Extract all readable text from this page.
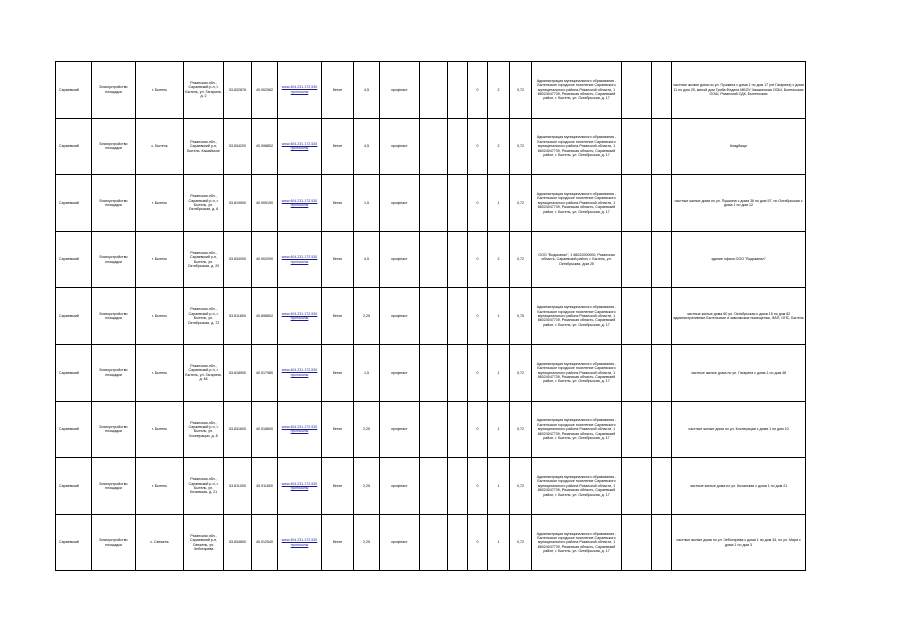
Сараевский	Благоустройство площадки	г. Бытель	Рязанская обл., Сараевский р-н, г. Бытель, ул. Гагарина, д. 2	53.832876	40.902582	www.404.231.172.530 протоколы	бетон	4,5	профнаст			0	2	0,72	Администрация муниципального образования - Бытельское городское поселение Сараевского муниципального района Рязанской области, 1 86024047739, Рязанская область, Сараевский район, г. Бытель, ул. Октябрьская, д. 17			частные жилые дома по ул. Пушкина с дома 1 по дом 17 (не Гагарина) с дома 11 по дом 25, жилой дом Гриба Федина МБОУ Чашкинская ООШ, Бытельская ООШ, Рязанский СДК, Бытельская
Сараевский	Благоустройство площадки	с. Бытель	Рязанская обл., Сараевский р-н, Бытель, Кашайское	53.834200	40.998852	www.404.231.172.530 протоколы	бетон	4,5	профнаст			0	2	0,72	Администрация муниципального образования - Бытельское городское поселение Сараевского муниципального района Рязанской области, 1 86024047739, Рязанская область, Сараевский район, г. Бытель, ул. Октябрьская, д. 17			Кладбище
Сараевский	Благоустройство площадки	г. Бытель	Рязанская обл., Сараевский р-н, г. Бытель, ул. Октябрьская, д. 6	53.819500	40.905190	www.404.231.172.530 протоколы	бетон	1,5	профнаст			0	1	0,72	Администрация муниципального образования - Бытельское городское поселение Сараевского муниципального района Рязанской области, 1 86024047739, Рязанская область, Сараевский район, г. Бытель, ул. Октябрьская, д. 17			частные жилые дома по ул. Пушкина с дома 36 по дом 57, по Октябрьская с дома 1 по дом 12
Сараевский	Благоустройство площадки	г. Бытель	Рязанская обл., Сараевский р-н, Бытель, ул. Октябрьская, д. 20	53.834000	40.902090	www.404.231.172.530 протоколы	бетон	4,5	профнаст			0	2	0,72	ООО "Водоканал", 1 86022000000, Рязанская область, Сараевский район, г. Бытель, ул. Октябрьская, дом 25			здание офиса ООО "Водоканал"
Сараевский	Благоустройство площадки	г. Бытель	Рязанская обл., Сараевский р-н, г. Бытель, ул. Октябрьская, д. 72	53.811800	40.898802	www.404.231.172.530 протоколы	бетон	2,25	профнаст			0	1	0,75	Администрация муниципального образования - Бытельское городское поселение Сараевского муниципального района Рязанской области, 1 86024047739, Рязанская область, Сараевский район, г. Бытель, ул. Октябрьская, д. 17			частные жилые дома 60 ул. Октябрьская с дома 15 по дом 82 административные Бытельские и заволжские помещения, ФАП, ОПС, Бытель
Сараевский	Благоустройство площадки	г. Бытель	Рязанская обл., Сараевский р-н, г. Бытель, ул. Гагарина, д. 48	53.818900	40.917980	www.404.231.172.530 протоколы	бетон	1,5	профнаст			0	1	0,72	Администрация муниципального образования - Бытельское городское поселение Сараевского муниципального района Рязанской области, 1 86024047739, Рязанская область, Сараевский район, г. Бытель, ул. Октябрьская, д. 17			частные жилые дома по ул. Гагарина с дома 1 по дом 48
Сараевский	Благоустройство площадки	г. Бытель	Рязанская обл., Сараевский р-н, г. Бытель, ул. Кооперации, д. 8	53.831600	40.918600	www.404.231.172.530 протоколы	бетон	2,25	профнаст			0	1	0,72	Администрация муниципального образования - Бытельское городское поселение Сараевского муниципального района Рязанской области, 1 86024047739, Рязанская область, Сараевский район, г. Бытель, ул. Октябрьская, д. 17			частные жилые дома по ул. Кооперации с дома 1 по дом 10
Сараевский	Благоустройство площадки	г. Бытель	Рязанская обл., Сараевский р-н, г. Бытель, ул. Кочанская, д. 21	53.811000	40.911800	www.404.231.172.530 протоколы	бетон	2,25	профнаст			0	1	0,72	Администрация муниципального образования - Бытельское городское поселение Сараевского муниципального района Рязанской области, 1 86024047739, Рязанская область, Сараевский район, г. Бытель, ул. Октябрьская, д. 17			частные жилые дома по ул. Кочанская с дома 1 по дом 21
Сараевский	Благоустройство площадки	с. Свежень	Рязанская обл., Сараевский р-н, Свежень, ул. Чеботарева	53.834800	40.912540	www.404.231.172.530 протоколы	бетон	2,25	профнаст			0	1	0,72	Администрация муниципального образования - Бытельское городское поселение Сараевского муниципального района Рязанской области, 1 86024047739, Рязанская область, Сараевский район, г. Бытель, ул. Октябрьская, д. 17			частные жилые дома по ул. Чеботарева с дома 1 по дом 34, по ул. Мира с дома 1 по дом 3
